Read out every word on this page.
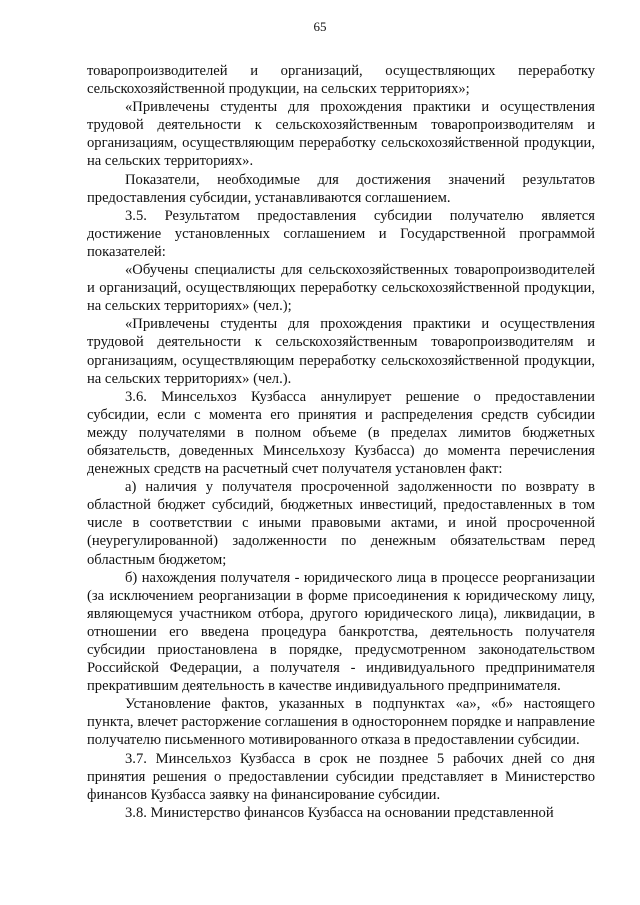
65

товаропроизводителей и организаций, осуществляющих переработку сельскохозяйственной продукции, на сельских территориях»;

«Привлечены студенты для прохождения практики и осуществления трудовой деятельности к сельскохозяйственным товаропроизводителям и организациям, осуществляющим переработку сельскохозяйственной продукции, на сельских территориях».

Показатели, необходимые для достижения значений результатов предоставления субсидии, устанавливаются соглашением.

3.5. Результатом предоставления субсидии получателю является достижение установленных соглашением и Государственной программой показателей:

«Обучены специалисты для сельскохозяйственных товаропроизводителей и организаций, осуществляющих переработку сельскохозяйственной продукции, на сельских территориях» (чел.);

«Привлечены студенты для прохождения практики и осуществления трудовой деятельности к сельскохозяйственным товаропроизводителям и организациям, осуществляющим переработку сельскохозяйственной продукции, на сельских территориях» (чел.).

3.6. Минсельхоз Кузбасса аннулирует решение о предоставлении субсидии, если с момента его принятия и распределения средств субсидии между получателями в полном объеме (в пределах лимитов бюджетных обязательств, доведенных Минсельхозу Кузбасса) до момента перечисления денежных средств на расчетный счет получателя установлен факт:

а) наличия у получателя просроченной задолженности по возврату в областной бюджет субсидий, бюджетных инвестиций, предоставленных в том числе в соответствии с иными правовыми актами, и иной просроченной (неурегулированной) задолженности по денежным обязательствам перед областным бюджетом;

б) нахождения получателя - юридического лица в процессе реорганизации (за исключением реорганизации в форме присоединения к юридическому лицу, являющемуся участником отбора, другого юридического лица), ликвидации, в отношении его введена процедура банкротства, деятельность получателя субсидии приостановлена в порядке, предусмотренном законодательством Российской Федерации, а получателя - индивидуального предпринимателя прекратившим деятельность в качестве индивидуального предпринимателя.

Установление фактов, указанных в подпунктах «а», «б» настоящего пункта, влечет расторжение соглашения в одностороннем порядке и направление получателю письменного мотивированного отказа в предоставлении субсидии.

3.7. Минсельхоз Кузбасса в срок не позднее 5 рабочих дней со дня принятия решения о предоставлении субсидии представляет в Министерство финансов Кузбасса заявку на финансирование субсидии.

3.8. Министерство финансов Кузбасса на основании представленной
